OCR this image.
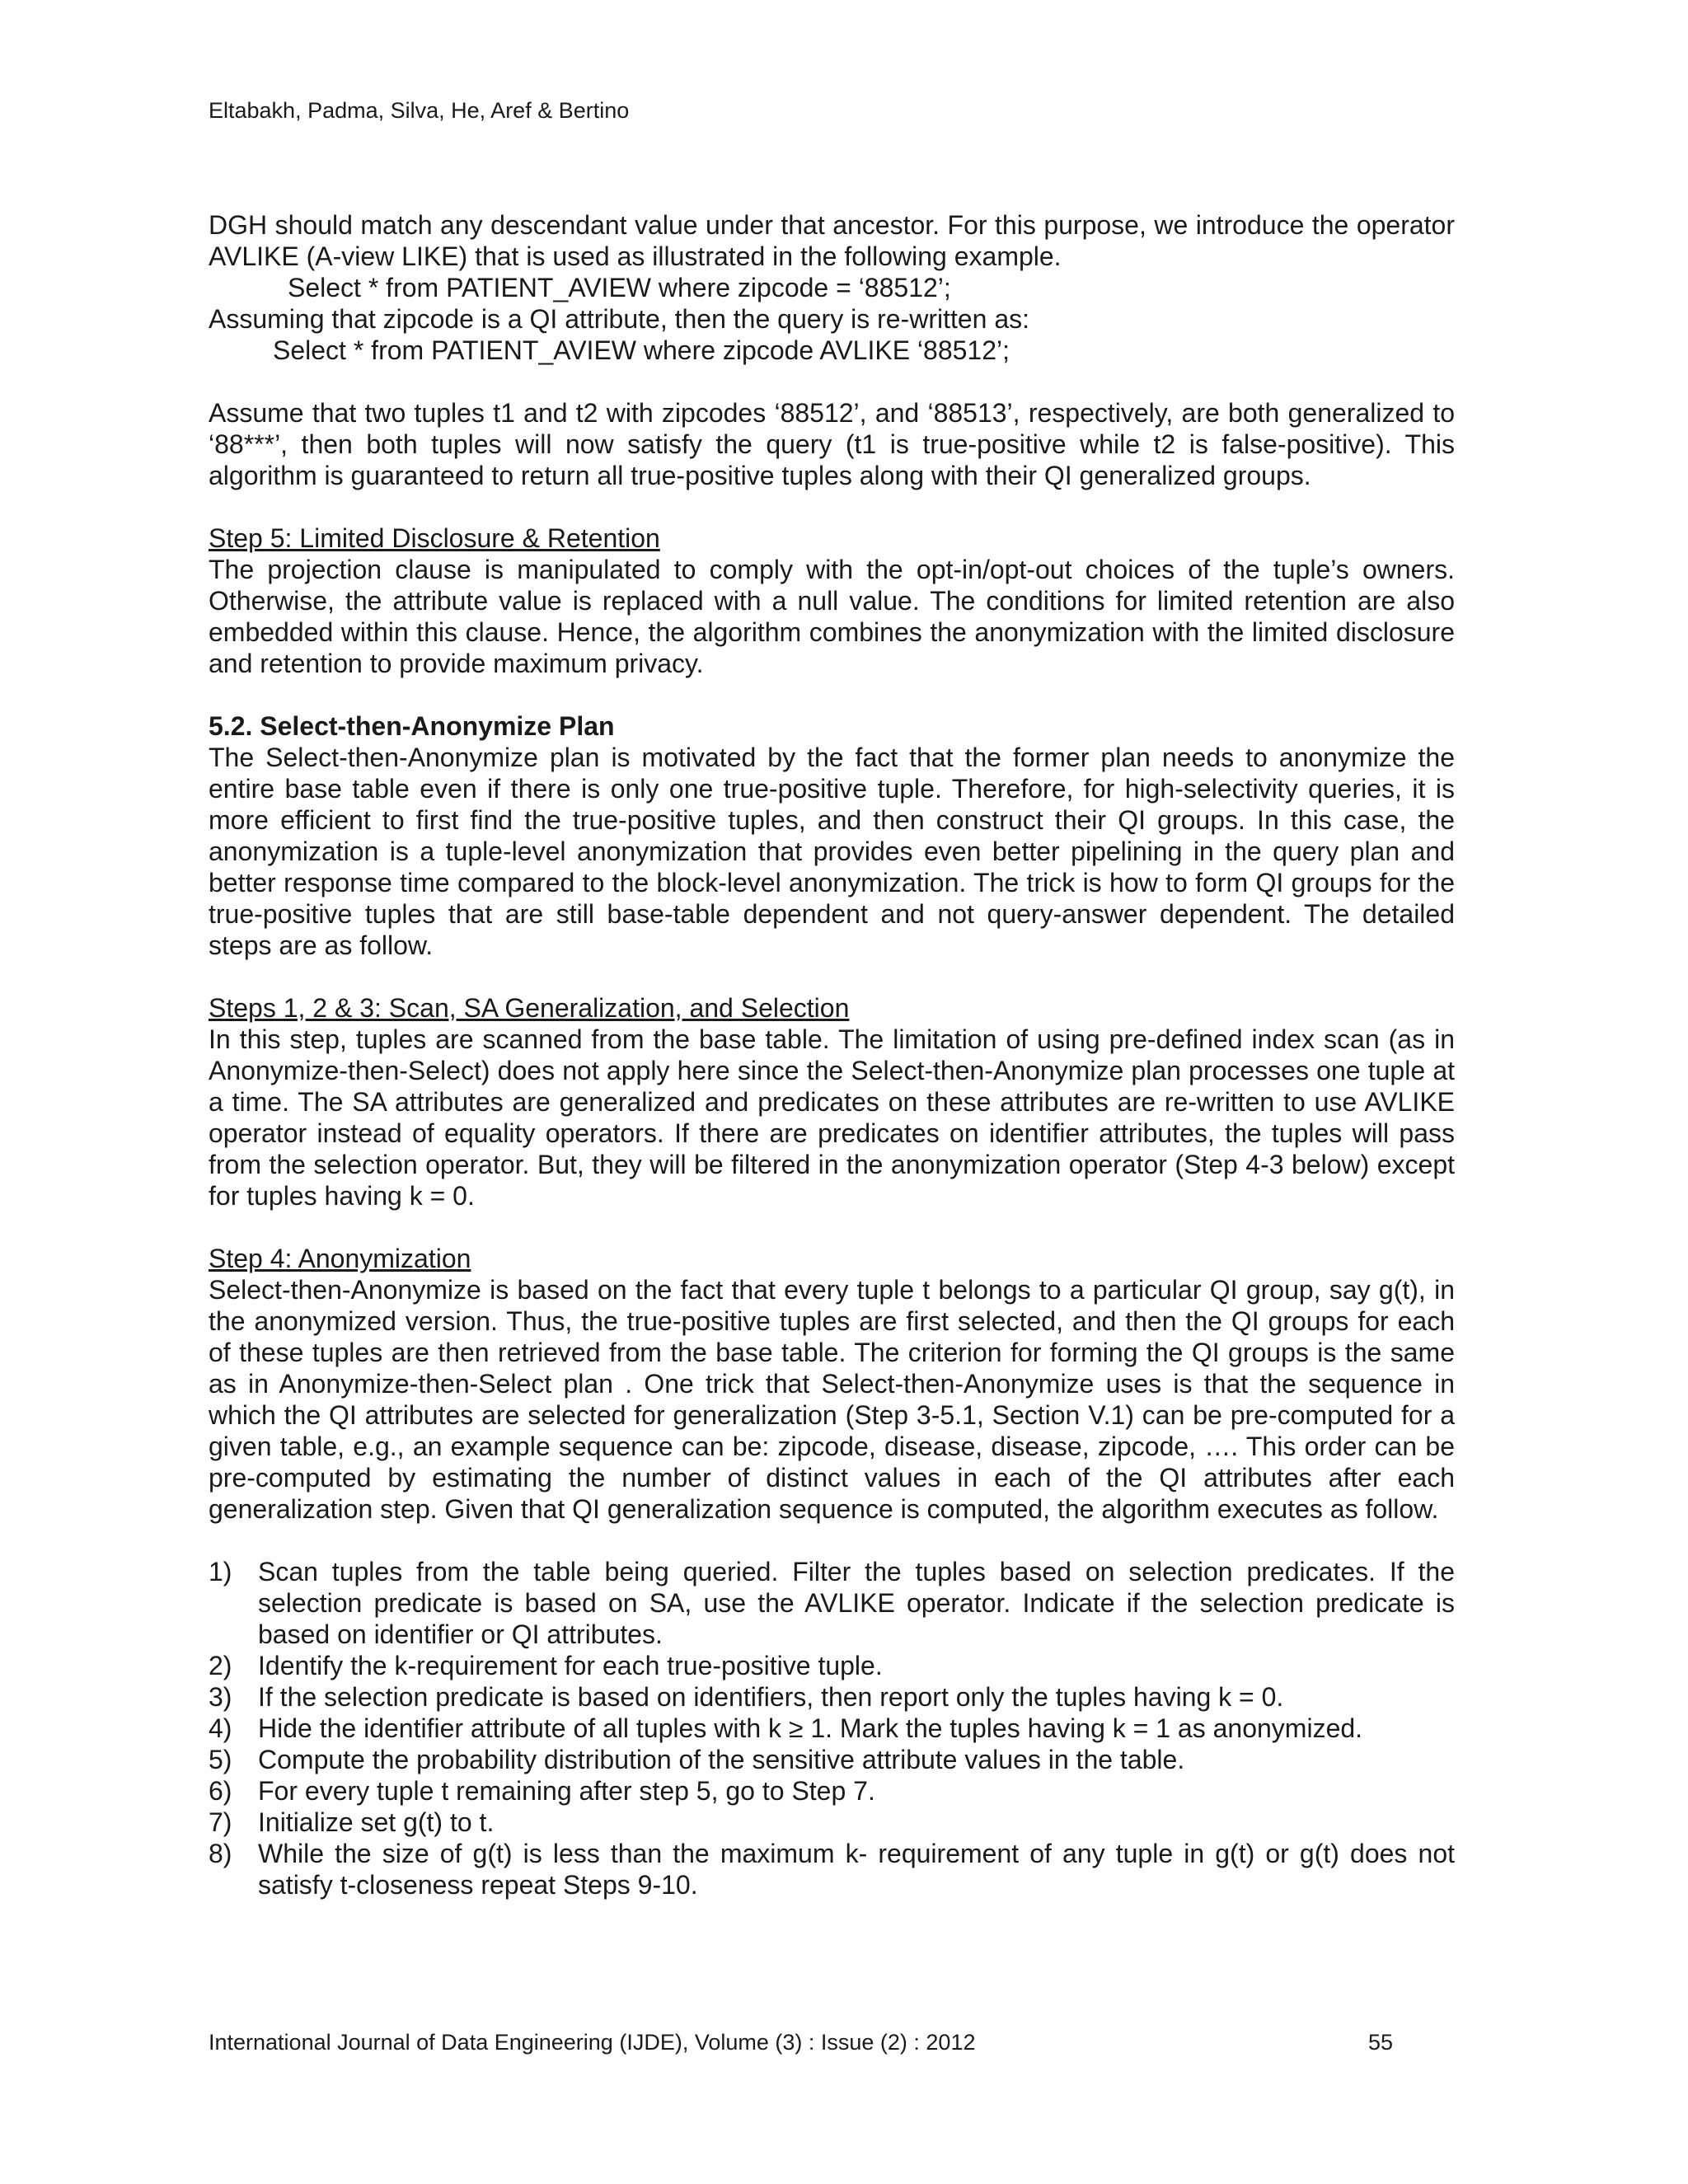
Eltabakh, Padma, Silva, He, Aref & Bertino

DGH should match any descendant value under that ancestor. For this purpose, we introduce the operator AVLIKE (A-view LIKE) that is used as illustrated in the following example.

Select * from PATIENT_AVIEW where zipcode = ‘88512’;

Assuming that zipcode is a QI attribute, then the query is re-written as:

Select * from PATIENT_AVIEW where zipcode AVLIKE ‘88512’;

Assume that two tuples t1 and t2 with zipcodes ‘88512’, and ‘88513’, respectively, are both generalized to ‘88***’, then both tuples will now satisfy the query (t1 is true-positive while t2 is false-positive). This algorithm is guaranteed to return all true-positive tuples along with their QI generalized groups.

Step 5: Limited Disclosure & Retention

The projection clause is manipulated to comply with the opt-in/opt-out choices of the tuple’s owners. Otherwise, the attribute value is replaced with a null value. The conditions for limited retention are also embedded within this clause. Hence, the algorithm combines the anonymization with the limited disclosure and retention to provide maximum privacy.

5.2. Select-then-Anonymize Plan

The Select-then-Anonymize plan is motivated by the fact that the former plan needs to anonymize the entire base table even if there is only one true-positive tuple. Therefore, for high-selectivity queries, it is more efficient to first find the true-positive tuples, and then construct their QI groups. In this case, the anonymization is a tuple-level anonymization that provides even better pipelining in the query plan and better response time compared to the block-level anonymization. The trick is how to form QI groups for the true-positive tuples that are still base-table dependent and not query-answer dependent. The detailed steps are as follow.

Steps 1, 2 & 3: Scan, SA Generalization, and Selection

In this step, tuples are scanned from the base table. The limitation of using pre-defined index scan (as in Anonymize-then-Select) does not apply here since the Select-then-Anonymize plan processes one tuple at a time. The SA attributes are generalized and predicates on these attributes are re-written to use AVLIKE operator instead of equality operators. If there are predicates on identifier attributes, the tuples will pass from the selection operator. But, they will be filtered in the anonymization operator (Step 4-3 below) except for tuples having k = 0.

Step 4: Anonymization

Select-then-Anonymize is based on the fact that every tuple t belongs to a particular QI group, say g(t), in the anonymized version. Thus, the true-positive tuples are first selected, and then the QI groups for each of these tuples are then retrieved from the base table. The criterion for forming the QI groups is the same as in Anonymize-then-Select plan . One trick that Select-then-Anonymize uses is that the sequence in which the QI attributes are selected for generalization (Step 3-5.1, Section V.1) can be pre-computed for a given table, e.g., an example sequence can be: zipcode, disease, disease, zipcode, …. This order can be pre-computed by estimating the number of distinct values in each of the QI attributes after each generalization step. Given that QI generalization sequence is computed, the algorithm executes as follow.

1) Scan tuples from the table being queried. Filter the tuples based on selection predicates. If the selection predicate is based on SA, use the AVLIKE operator. Indicate if the selection predicate is based on identifier or QI attributes.
2) Identify the k-requirement for each true-positive tuple.
3) If the selection predicate is based on identifiers, then report only the tuples having k = 0.
4) Hide the identifier attribute of all tuples with k ≥ 1. Mark the tuples having k = 1 as anonymized.
5) Compute the probability distribution of the sensitive attribute values in the table.
6) For every tuple t remaining after step 5, go to Step 7.
7) Initialize set g(t) to t.
8) While the size of g(t) is less than the maximum k- requirement of any tuple in g(t) or g(t) does not satisfy t-closeness repeat Steps 9-10.
International Journal of Data Engineering (IJDE), Volume (3) : Issue (2) : 2012	55
